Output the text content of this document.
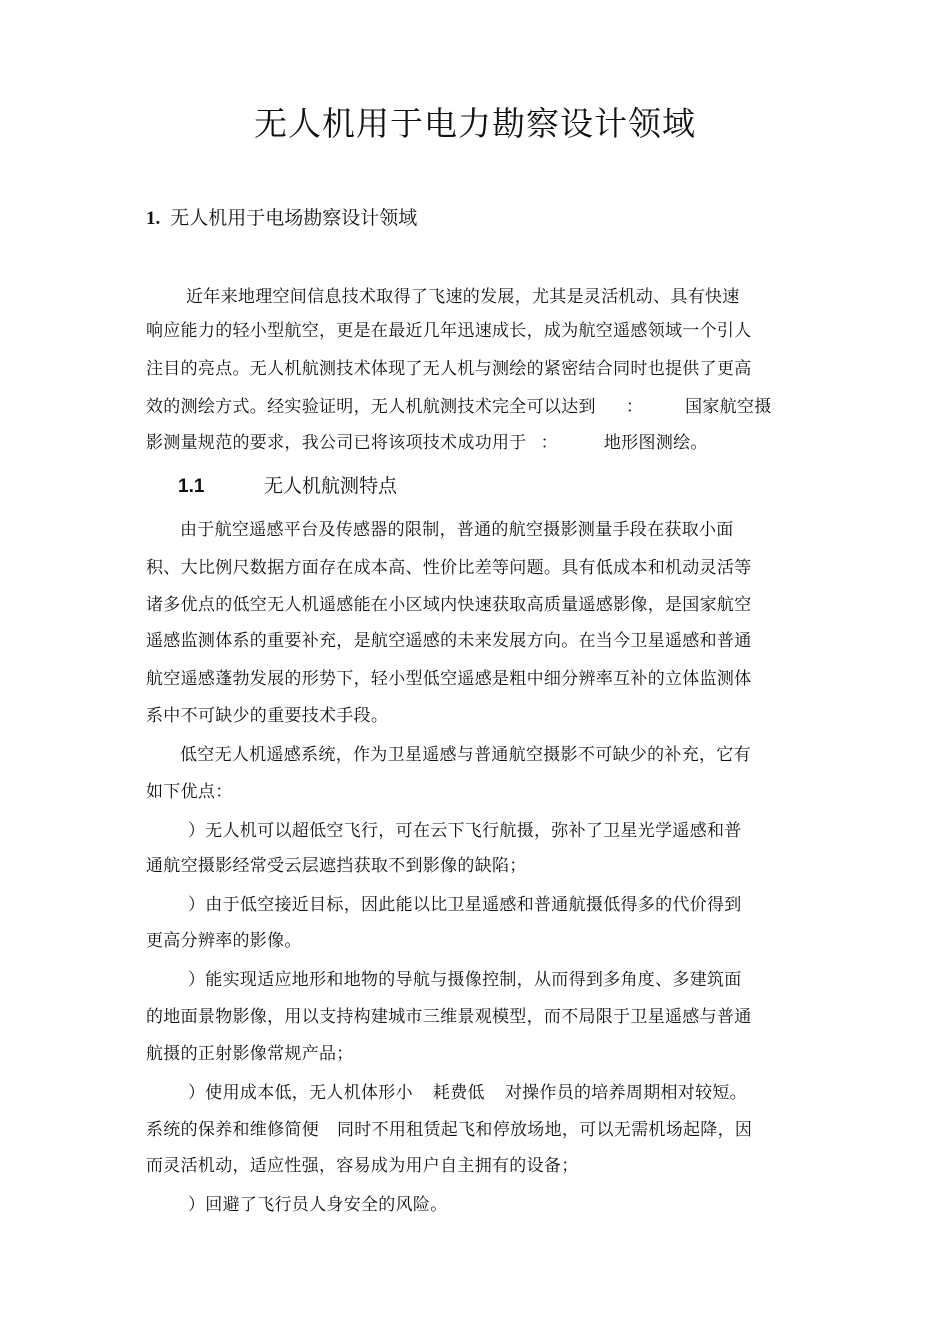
无人机用于电力勘察设计领域
1. 无人机用于电场勘察设计领域
近年来地理空间信息技术取得了飞速的发展，尤其是灵活机动、具有快速
响应能力的轻小型航空，更是在最近几年迅速成长，成为航空遥感领域一个引人
注目的亮点。无人机航测技术体现了无人机与测绘的紧密结合同时也提供了更高
效的测绘方式。经实验证明，无人机航测技术完全可以达到 ： 国家航空摄
影测量规范的要求，我公司已将该项技术成功用于 ：	地形图测绘。
1.1	无人机航测特点
由于航空遥感平台及传感器的限制，普通的航空摄影测量手段在获取小面
积、大比例尺数据方面存在成本高、性价比差等问题。具有低成本和机动灵活等
诸多优点的低空无人机遥感能在小区域内快速获取高质量遥感影像，是国家航空
遥感监测体系的重要补充，是航空遥感的未来发展方向。在当今卫星遥感和普通
航空遥感蓬勃发展的形势下，轻小型低空遥感是粗中细分辨率互补的立体监测体
系中不可缺少的重要技术手段。
低空无人机遥感系统，作为卫星遥感与普通航空摄影不可缺少的补充，它有
如下优点：
）无人机可以超低空飞行，可在云下飞行航摄，弥补了卫星光学遥感和普
通航空摄影经常受云层遮挡获取不到影像的缺陷；
）由于低空接近目标，因此能以比卫星遥感和普通航摄低得多的代价得到
更高分辨率的影像。
）能实现适应地形和地物的导航与摄像控制，从而得到多角度、多建筑面
的地面景物影像，用以支持构建城市三维景观模型，而不局限于卫星遥感与普通
航摄的正射影像常规产品；
）使用成本低，无人机体形小 耗费低 对操作员的培养周期相对较短。
系统的保养和维修简便 同时不用租赁起飞和停放场地，可以无需机场起降，因
而灵活机动，适应性强，容易成为用户自主拥有的设备；
）回避了飞行员人身安全的风险。
